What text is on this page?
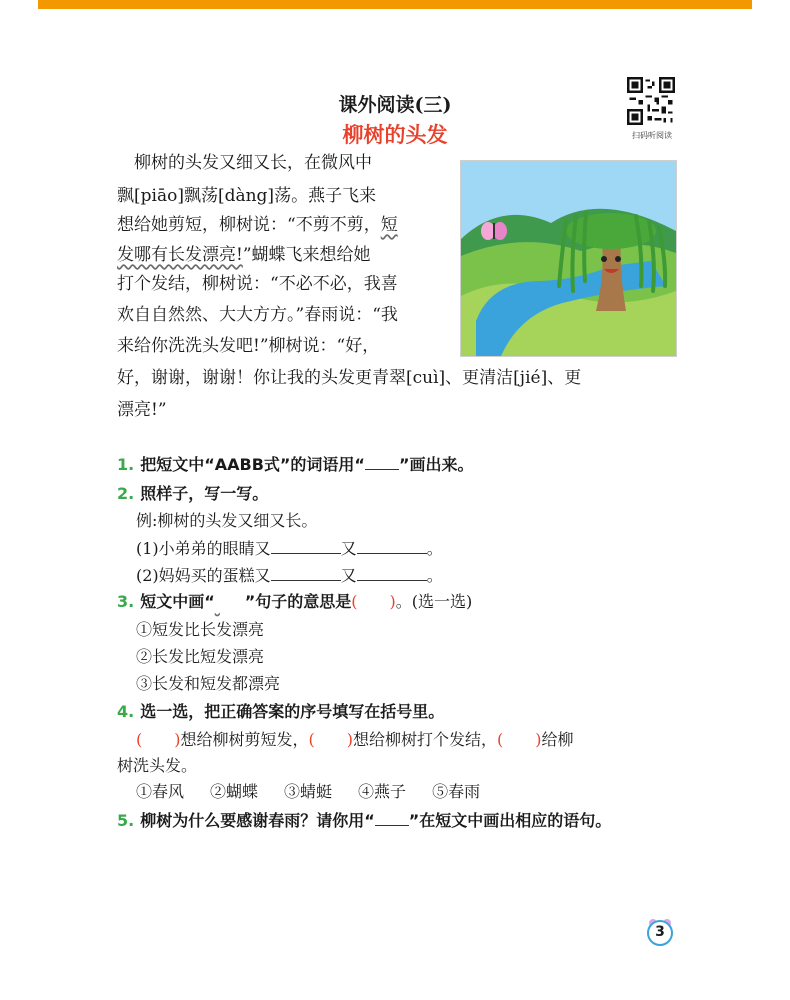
课外阅读(三)
柳树的头发	扫码听阅读
　柳树的头发又细又长，在微风中
飘[piāo]飘荡[dàng]荡。燕子飞来
想给她剪短，柳树说：“不剪不剪，短
发哪有长发漂亮!”蝴蝶飞来想给她
打个发结，柳树说：“不必不必，我喜
欢自自然然、大大方方。”春雨说：“我
来给你洗洗头发吧!”柳树说：“好，
好，谢谢，谢谢！你让我的头发更青翠[cuì]、更清洁[jié]、更
漂亮!”
1. 把短文中“AABB式”的词语用“ ”画出来。
2. 照样子，写一写。
例:柳树的头发又细又长。
(1)小弟弟的眼睛又	又	。
(2)妈妈买的蛋糕又	又	。
3. 短文中画“ ”句子的意思是(　　)。(选一选)
①短发比长发漂亮
②长发比短发漂亮
③长发和短发都漂亮
4. 选一选，把正确答案的序号填写在括号里。
(　　)想给柳树剪短发，(　　)想给柳树打个发结，(　　)给柳
树洗头发。
①春风 ②蝴蝶 ③蜻蜓 ④燕子 ⑤春雨
5. 柳树为什么要感谢春雨？请你用“ ”在短文中画出相应的语句。
3
